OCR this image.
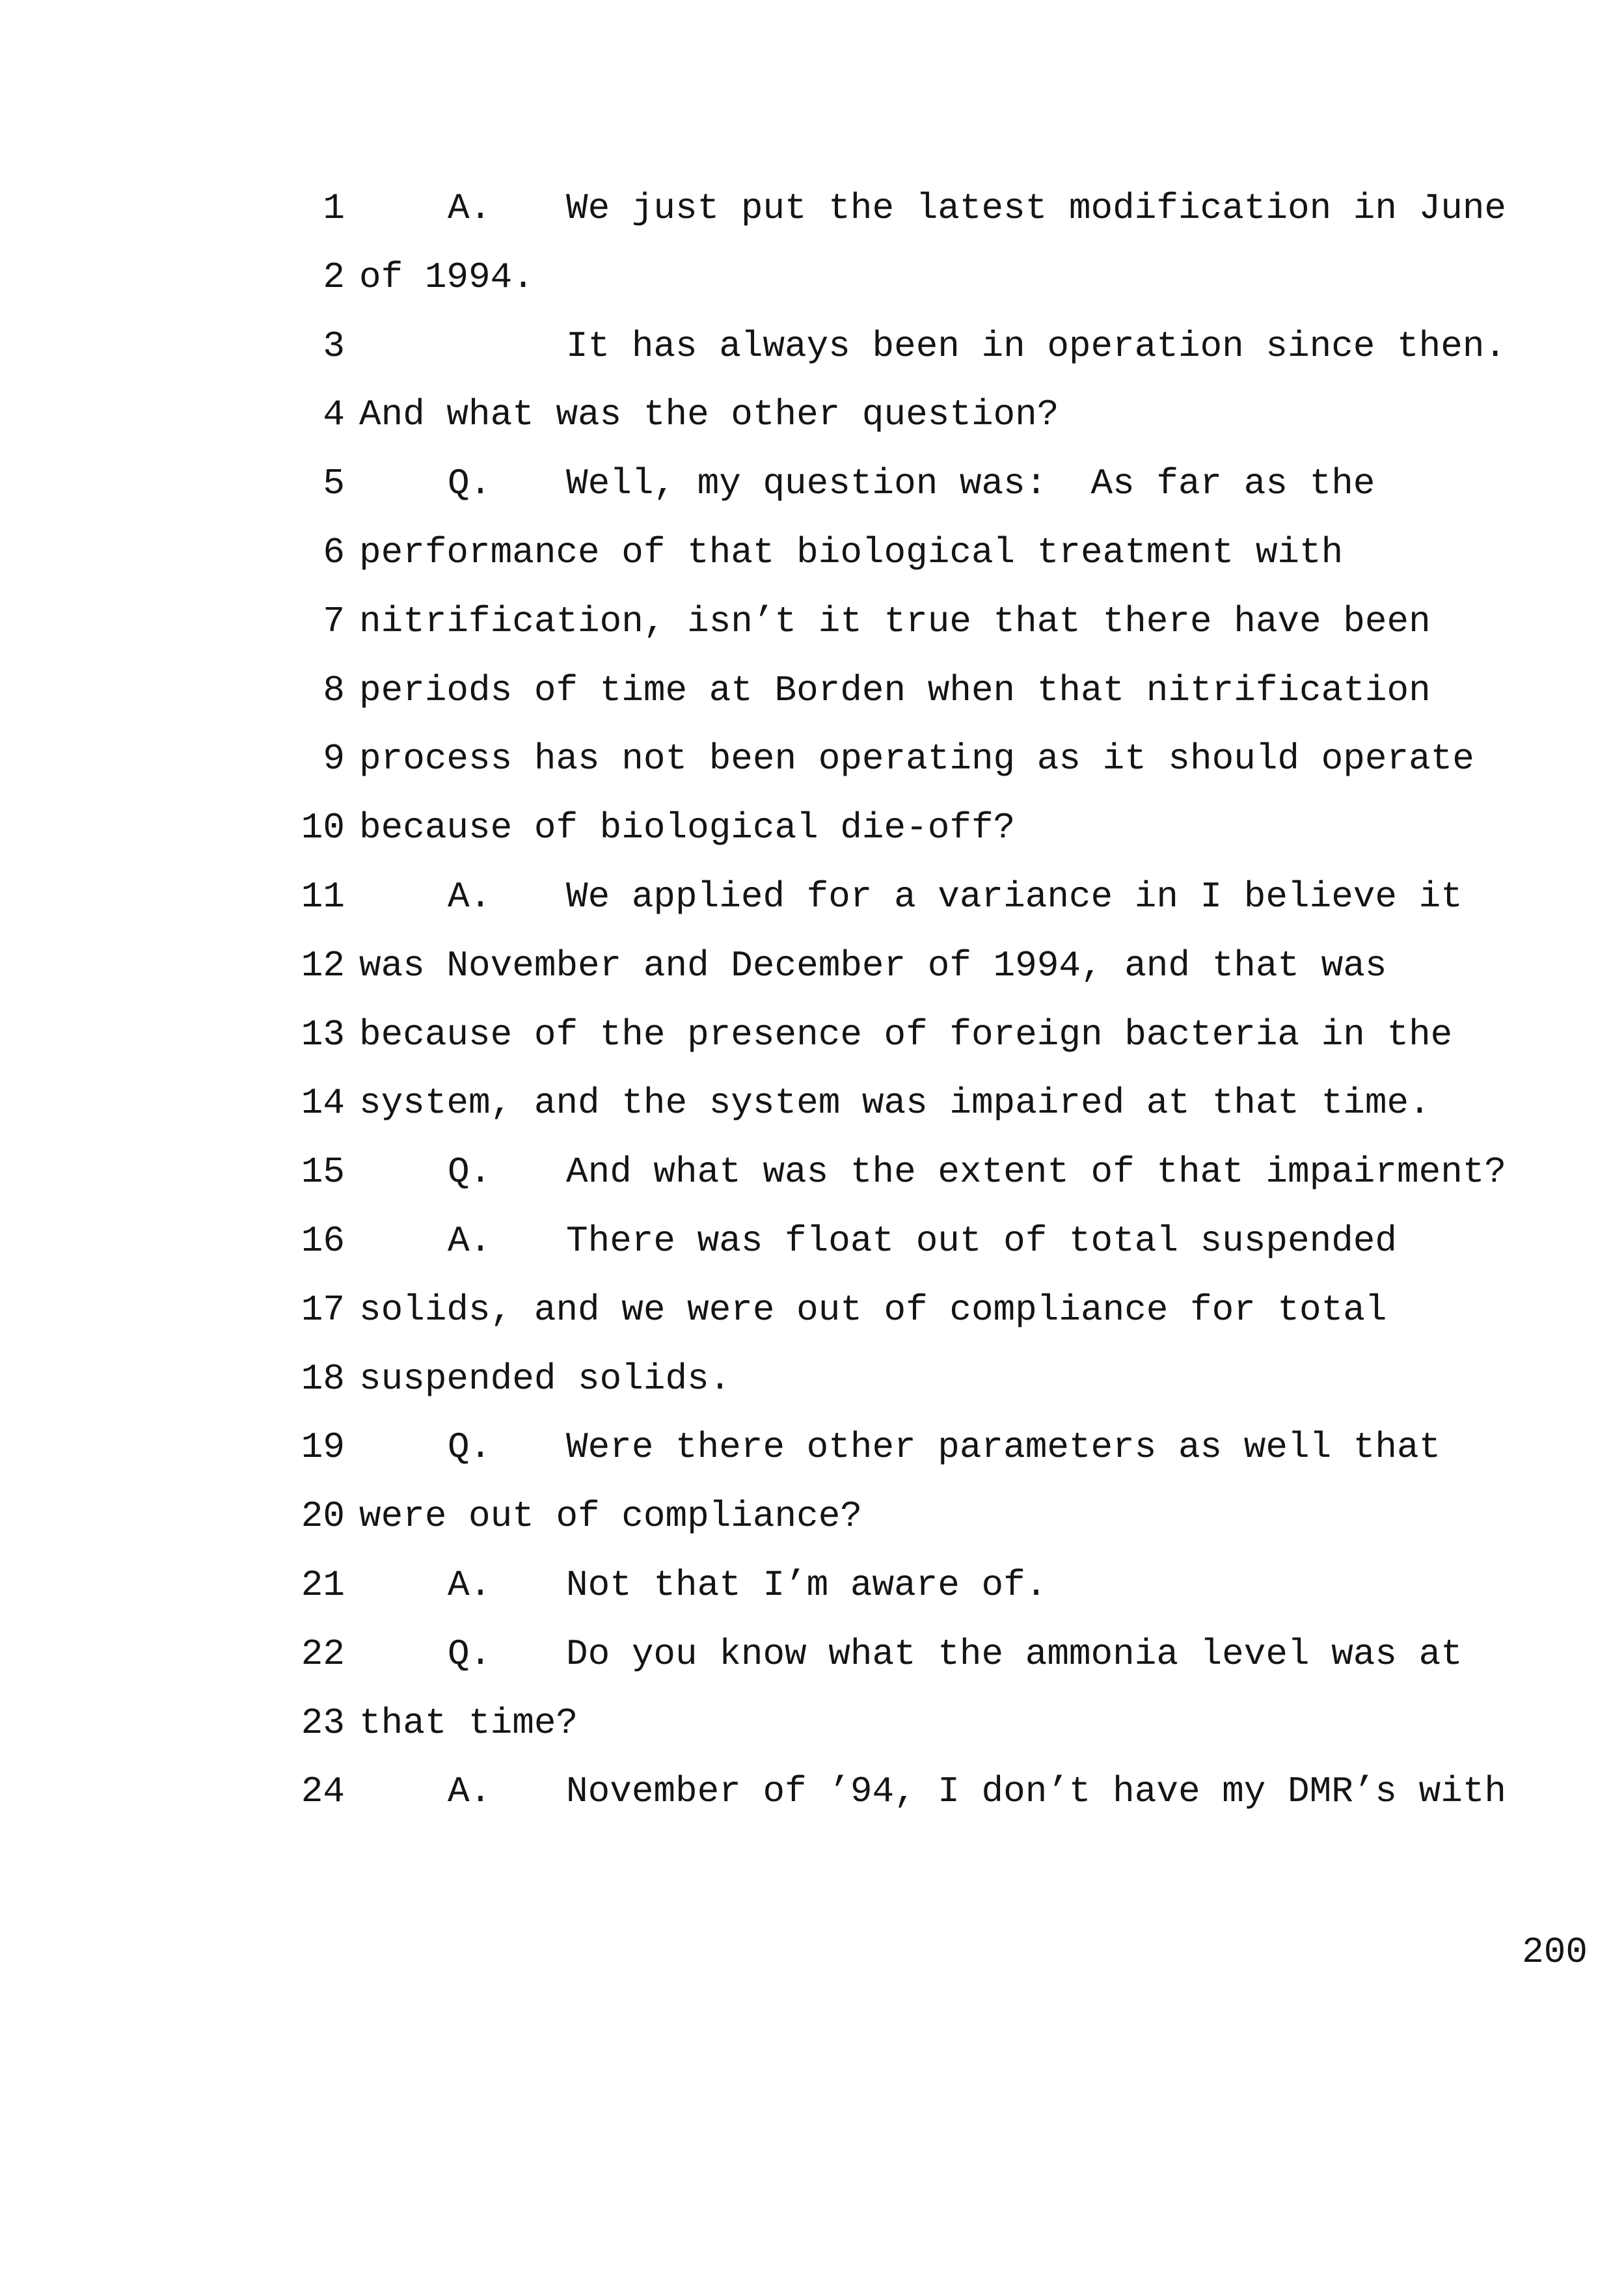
1	A. We just put the latest modification in June
2 of 1994.
3	It has always been in operation since then.
4 And what was the other question?
5	Q. Well, my question was:  As far as the
6 performance of that biological treatment with
7 nitrification, isn’t it true that there have been
8 periods of time at Borden when that nitrification
9 process has not been operating as it should operate
10 because of biological die-off?
11	A. We applied for a variance in I believe it
12 was November and December of 1994, and that was
13 because of the presence of foreign bacteria in the
14 system, and the system was impaired at that time.
15	Q. And what was the extent of that impairment?
16	A. There was float out of total suspended
17 solids, and we were out of compliance for total
18 suspended solids.
19	Q. Were there other parameters as well that
20 were out of compliance?
21	A. Not that I’m aware of.
22	Q. Do you know what the ammonia level was at
23 that time?
24	A. November of ’94, I don’t have my DMR’s with
200
